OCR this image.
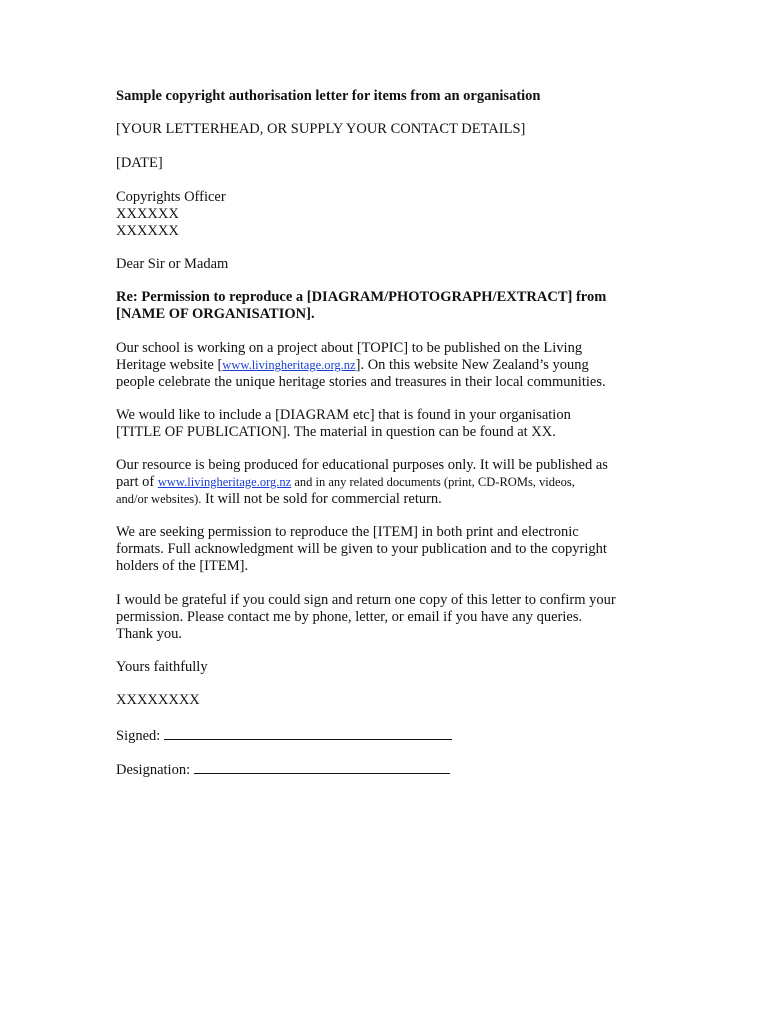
Sample copyright authorisation letter for items from an organisation

[YOUR LETTERHEAD, OR SUPPLY YOUR CONTACT DETAILS]

[DATE]

Copyrights Officer
XXXXXX
XXXXXX

Dear Sir or Madam

Re: Permission to reproduce a [DIAGRAM/PHOTOGRAPH/EXTRACT] from
[NAME OF ORGANISATION].
Our school is working on a project about [TOPIC] to be published on the Living
Heritage website [www.livingheritage.org.nz]. On this website New Zealand’s young
people celebrate the unique heritage stories and treasures in their local communities.
We would like to include a [DIAGRAM etc] that is found in your organisation
[TITLE OF PUBLICATION]. The material in question can be found at XX.
Our resource is being produced for educational purposes only. It will be published as
part of www.livingheritage.org.nz and in any related documents (print, CD-ROMs, videos,
and/or websites). It will not be sold for commercial return.
We are seeking permission to reproduce the [ITEM] in both print and electronic
formats. Full acknowledgment will be given to your publication and to the copyright
holders of the [ITEM].
I would be grateful if you could sign and return one copy of this letter to confirm your
permission. Please contact me by phone, letter, or email if you have any queries.
Thank you.

Yours faithfully

XXXXXXXX

Signed:
Designation:
